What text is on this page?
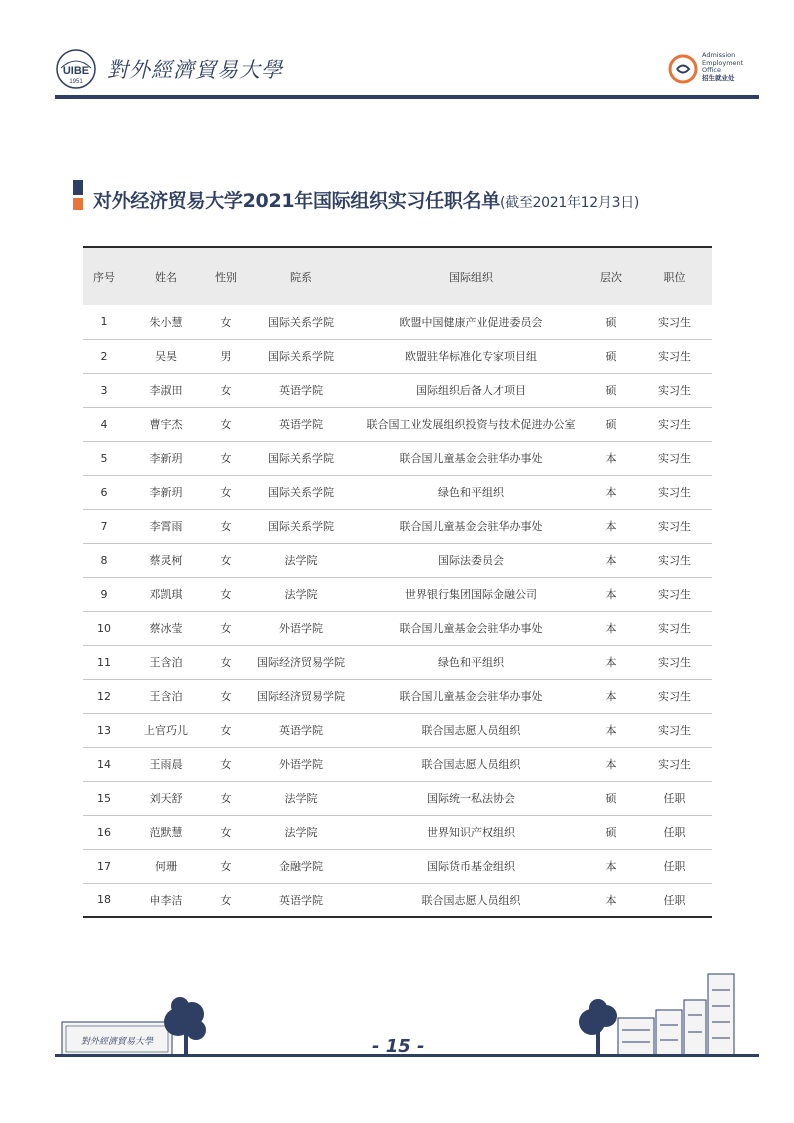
UIBE
1951 對外經濟貿易大學
Admission
Employment
Office
招生就业处
对外经济贸易大学2021年国际组织实习任职名单(截至2021年12月3日)
序号	姓名	性别	院系	国际组织	层次	职位
1	朱小慧	女	国际关系学院	欧盟中国健康产业促进委员会	硕	实习生
2	吴昊	男	国际关系学院	欧盟驻华标准化专家项目组	硕	实习生
3	李淑田	女	英语学院	国际组织后备人才项目	硕	实习生
4	曹宇杰	女	英语学院	联合国工业发展组织投资与技术促进办公室	硕	实习生
5	李新玥	女	国际关系学院	联合国儿童基金会驻华办事处	本	实习生
6	李新玥	女	国际关系学院	绿色和平组织	本	实习生
7	李霄雨	女	国际关系学院	联合国儿童基金会驻华办事处	本	实习生
8	蔡灵柯	女	法学院	国际法委员会	本	实习生
9	邓凯琪	女	法学院	世界银行集团国际金融公司	本	实习生
10	蔡冰莹	女	外语学院	联合国儿童基金会驻华办事处	本	实习生
11	王含泊	女	国际经济贸易学院	绿色和平组织	本	实习生
12	王含泊	女	国际经济贸易学院	联合国儿童基金会驻华办事处	本	实习生
13	上官巧儿	女	英语学院	联合国志愿人员组织	本	实习生
14	王雨晨	女	外语学院	联合国志愿人员组织	本	实习生
15	刘天舒	女	法学院	国际统一私法协会	硕	任职
16	范默慧	女	法学院	世界知识产权组织	硕	任职
17	何珊	女	金融学院	国际货币基金组织	本	任职
18	申李洁	女	英语学院	联合国志愿人员组织	本	任职
對外經濟貿易大學	- 15 -
